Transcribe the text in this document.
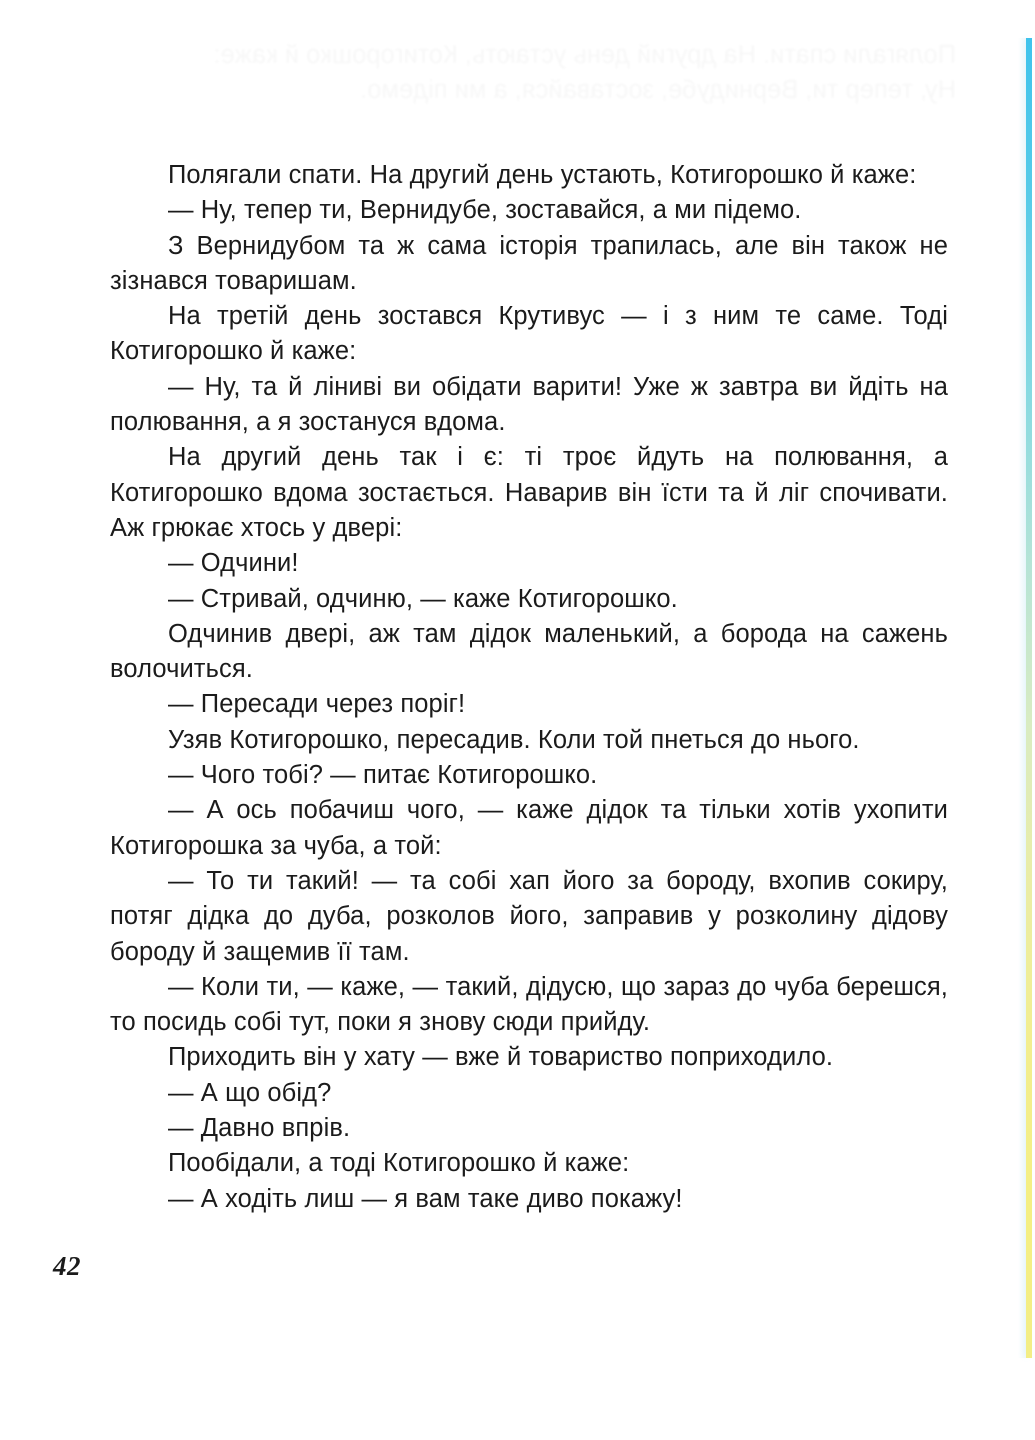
Полягали спати. На другий день устають, Котигорошко й каже:

— Ну, тепер ти, Вернидубе, зоставайся, а ми підемо.

З Вернидубом та ж сама історія трапилась, але він також не зізнався товаришам.

На третій день зостався Крутивус — і з ним те саме. Тоді Котигорошко й каже:

— Ну, та й ліниві ви обідати варити! Уже ж завтра ви йдіть на полювання, а я зостануся вдома.

На другий день так і є: ті троє йдуть на полювання, а Котигорошко вдома зостається. Наварив він їсти та й ліг спочивати. Аж грюкає хтось у двері:

— Одчини!

— Стривай, одчиню, — каже Котигорошко.

Одчинив двері, аж там дідок маленький, а борода на сажень волочиться.

— Пересади через поріг!

Узяв Котигорошко, пересадив. Коли той пнеться до нього.

— Чого тобі? — питає Котигорошко.

— А ось побачиш чого, — каже дідок та тільки хотів ухопити Котигорошка за чуба, а той:

— То ти такий! — та собі хап його за бороду, вхопив сокиру, потяг дідка до дуба, розколов його, заправив у розколину дідову бороду й защемив її там.

— Коли ти, — каже, — такий, дідусю, що зараз до чуба берешся, то посидь собі тут, поки я знову сюди прийду.

Приходить він у хату — вже й товариство поприходило.

— А що обід?

— Давно впрів.

Пообідали, а тоді Котигорошко й каже:

— А ходіть лиш — я вам таке диво покажу!

42
